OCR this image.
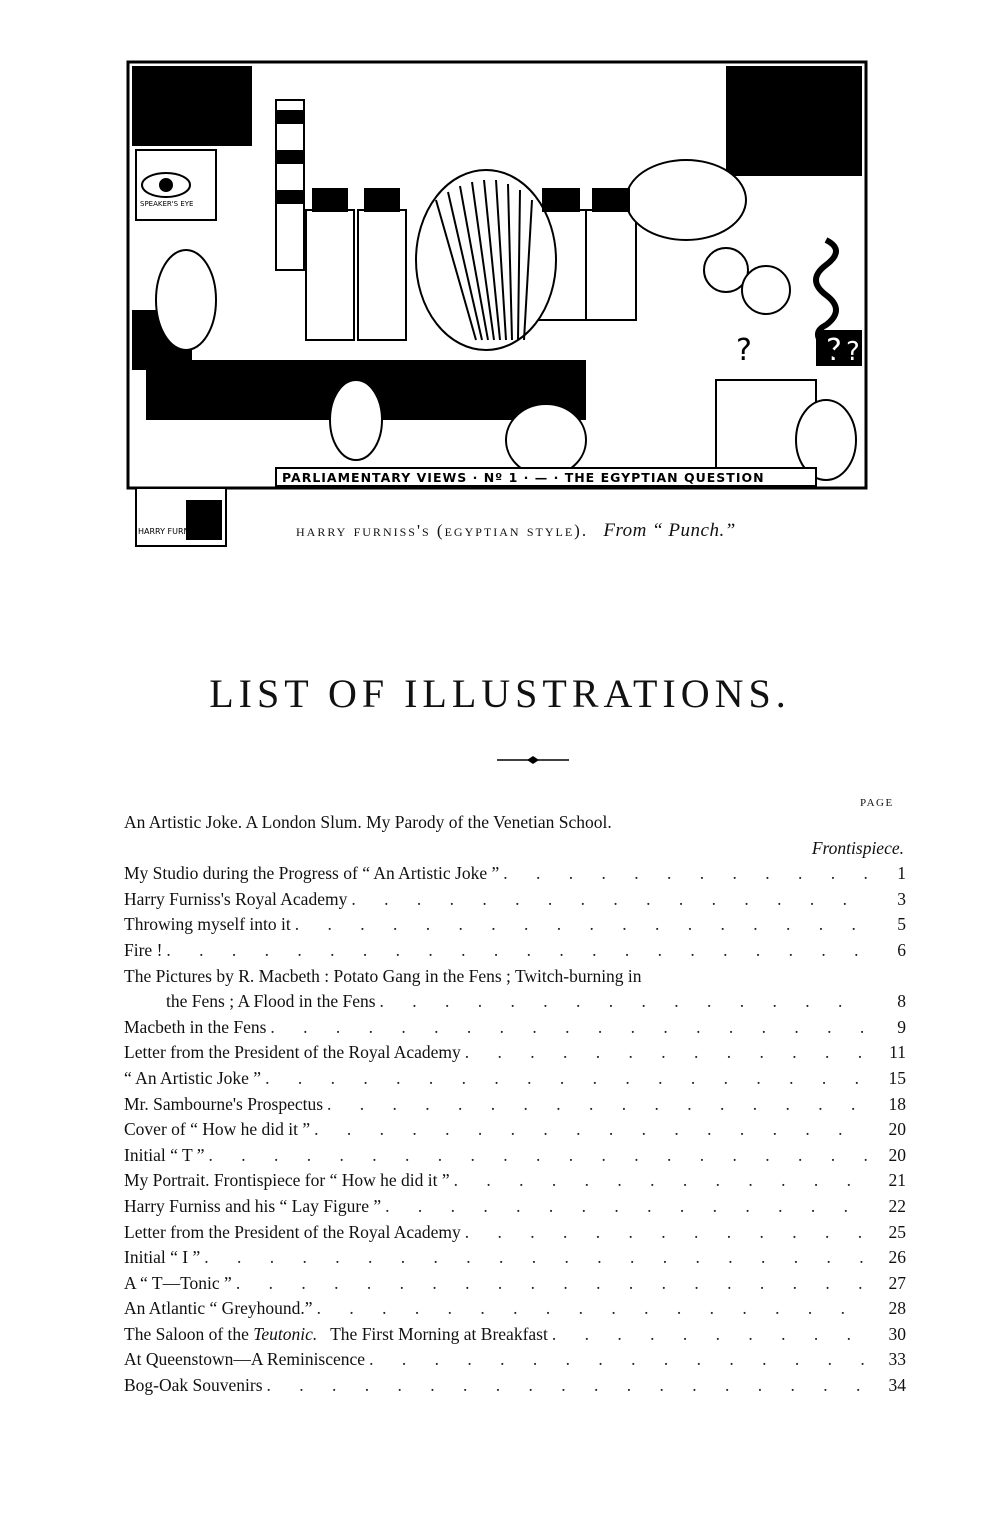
? ? ?
PARLIAMENTARY VIEWS · Nº 1 · — · THE EGYPTIAN QUESTION
SPEAKER'S EYE
HARRY FURNISS	harry furniss's (egyptian style). From “ Punch.”
LIST OF ILLUSTRATIONS.
PAGE
An Artistic Joke. A London Slum. My Parody of the Venetian School.
Frontispiece.
My Studio during the Progress of “ An Artistic Joke ” . . .	1
Harry Furniss's Royal Academy . . .	3
Throwing myself into it . . .	5
Fire ! . . .	6
The Pictures by R. Macbeth : Potato Gang in the Fens ; Twitch-burning in
the Fens ; A Flood in the Fens . . .	8
Macbeth in the Fens . . .	9
Letter from the President of the Royal Academy . . .	11
“ An Artistic Joke ” . . .	15
Mr. Sambourne's Prospectus . . .	18
Cover of “ How he did it ” . . .	20
Initial “ T ” . . .	20
My Portrait. Frontispiece for “ How he did it ” . . .	21
Harry Furniss and his “ Lay Figure ” . . .	22
Letter from the President of the Royal Academy . . .	25
Initial “ I ” . . .	26
A “ T—Tonic ” . . .	27
An Atlantic “ Greyhound.” . . .	28
The Saloon of the Teutonic. The First Morning at Breakfast . . .	30
At Queenstown—A Reminiscence . . .	33
Bog-Oak Souvenirs . . .	34
